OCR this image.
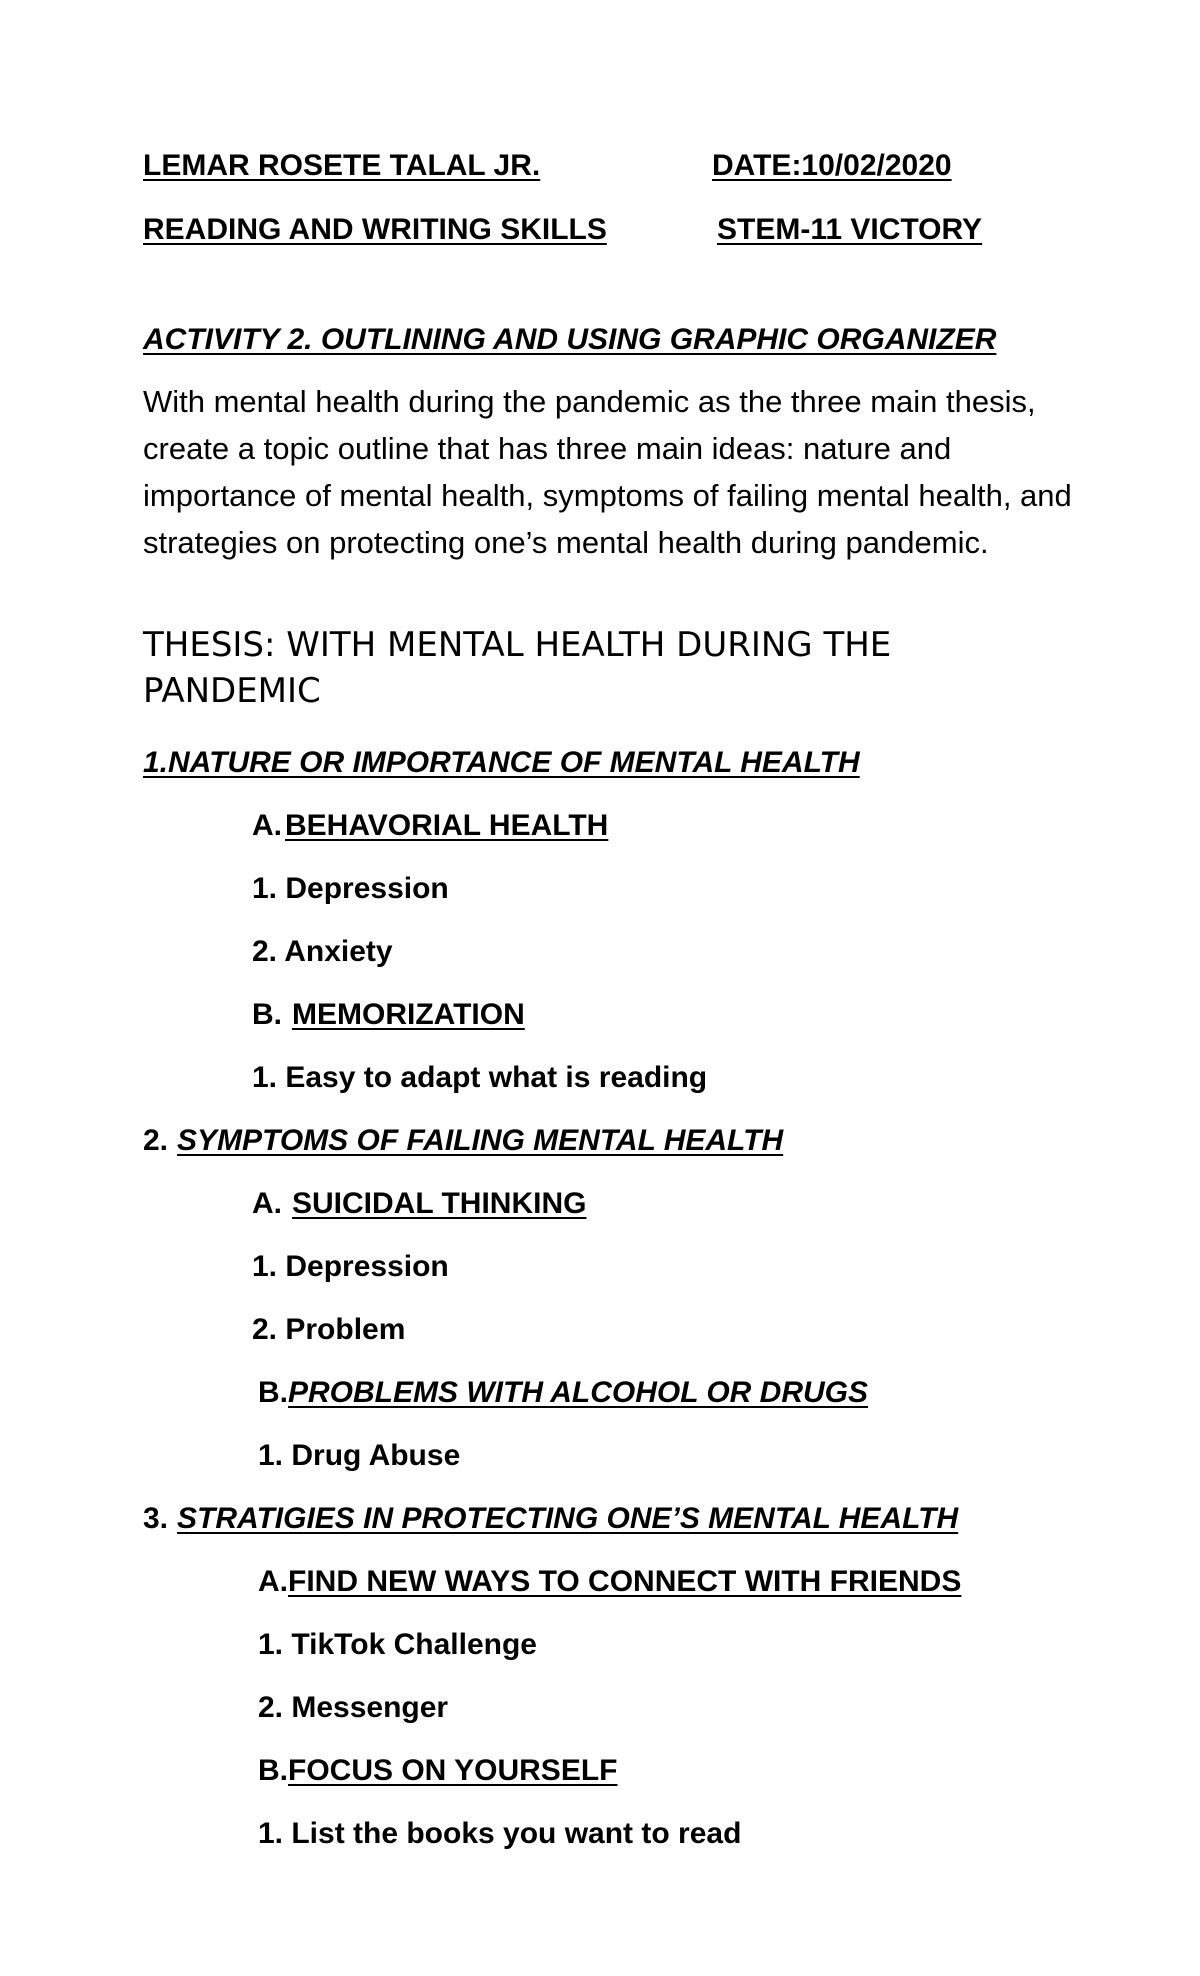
LEMAR ROSETE TALAL JR.	DATE:10/02/2020
READING AND WRITING SKILLS	STEM-11 VICTORY
ACTIVITY 2. OUTLINING AND USING GRAPHIC ORGANIZER
With mental health during the pandemic as the three main thesis, create a topic outline that has three main ideas: nature and importance of mental health, symptoms of failing mental health, and strategies on protecting one’s mental health during pandemic.
THESIS: WITH MENTAL HEALTH DURING THE PANDEMIC
1.NATURE OR IMPORTANCE OF MENTAL HEALTH
A. BEHAVORIAL HEALTH
1. Depression
2. Anxiety
B. MEMORIZATION
1. Easy to adapt what is reading
2. SYMPTOMS OF FAILING MENTAL HEALTH
A. SUICIDAL THINKING
1. Depression
2. Problem
B.PROBLEMS WITH ALCOHOL OR DRUGS
1. Drug Abuse
3. STRATIGIES IN PROTECTING ONE’S MENTAL HEALTH
A.FIND NEW WAYS TO CONNECT WITH FRIENDS
1. TikTok Challenge
2. Messenger
B.FOCUS ON YOURSELF
1. List the books you want to read
